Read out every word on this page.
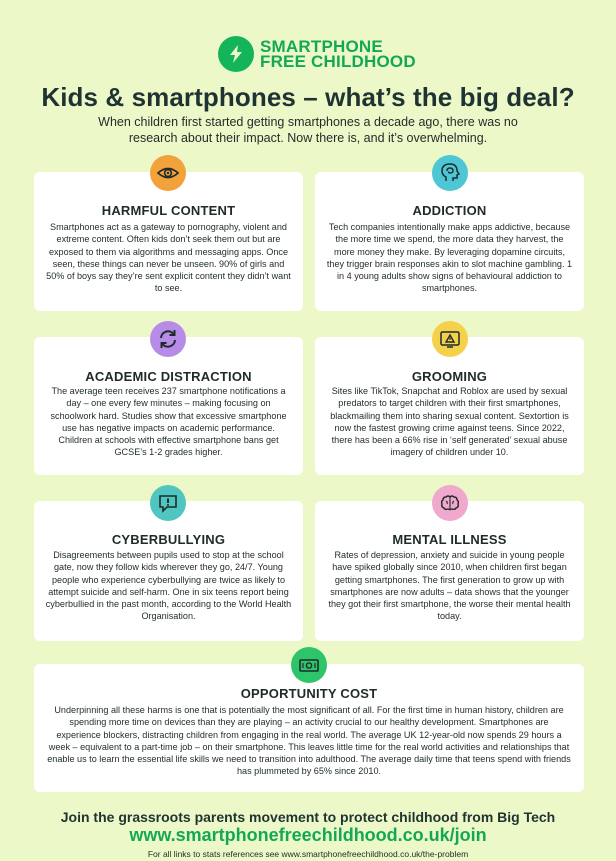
SMARTPHONE
FREE CHILDHOOD
Kids & smartphones – what’s the big deal?

When children first started getting smartphones a decade ago, there was no research about their impact. Now there is, and it’s overwhelming.

HARMFUL CONTENT
Smartphones act as a gateway to pornography, violent and extreme content. Often kids don’t seek them out but are exposed to them via algorithms and messaging apps. Once seen, these things can never be unseen. 90% of girls and 50% of boys say they’re sent explicit content they didn’t want to see.
ADDICTION
Tech companies intentionally make apps addictive, because the more time we spend, the more data they harvest, the more money they make. By leveraging dopamine circuits, they trigger brain responses akin to slot machine gambling. 1 in 4 young adults show signs of behavioural addiction to smartphones.
ACADEMIC DISTRACTION
The average teen receives 237 smartphone notifications a day – one every few minutes – making focusing on schoolwork hard. Studies show that excessive smartphone use has negative impacts on academic performance. Children at schools with effective smartphone bans get GCSE’s 1-2 grades higher.
GROOMING
Sites like TikTok, Snapchat and Roblox are used by sexual predators to target children with their first smartphones, blackmailing them into sharing sexual content. Sextortion is now the fastest growing crime against teens. Since 2022, there has been a 66% rise in ‘self generated’ sexual abuse imagery of children under 10.
CYBERBULLYING
Disagreements between pupils used to stop at the school gate, now they follow kids wherever they go, 24/7. Young people who experience cyberbullying are twice as likely to attempt suicide and self-harm. One in six teens report being cyberbullied in the past month, according to the World Health Organisation.
MENTAL ILLNESS
Rates of depression, anxiety and suicide in young people have spiked globally since 2010, when children first began getting smartphones. The first generation to grow up with smartphones are now adults – data shows that the younger they got their first smartphone, the worse their mental health today.
OPPORTUNITY COST
Underpinning all these harms is one that is potentially the most significant of all. For the first time in human history, children are spending more time on devices than they are playing – an activity crucial to our healthy development. Smartphones are experience blockers, distracting children from engaging in the real world. The average UK 12-year-old now spends 29 hours a week – equivalent to a part-time job – on their smartphone. This leaves little time for the real world activities and relationships that enable us to learn the essential life skills we need to transition into adulthood. The average daily time that teens spend with friends has plummeted by 65% since 2010.
Join the grassroots parents movement to protect childhood from Big Tech
www.smartphonefreechildhood.co.uk/join
For all links to stats references see www.smartphonefreechildhood.co.uk/the-problem
